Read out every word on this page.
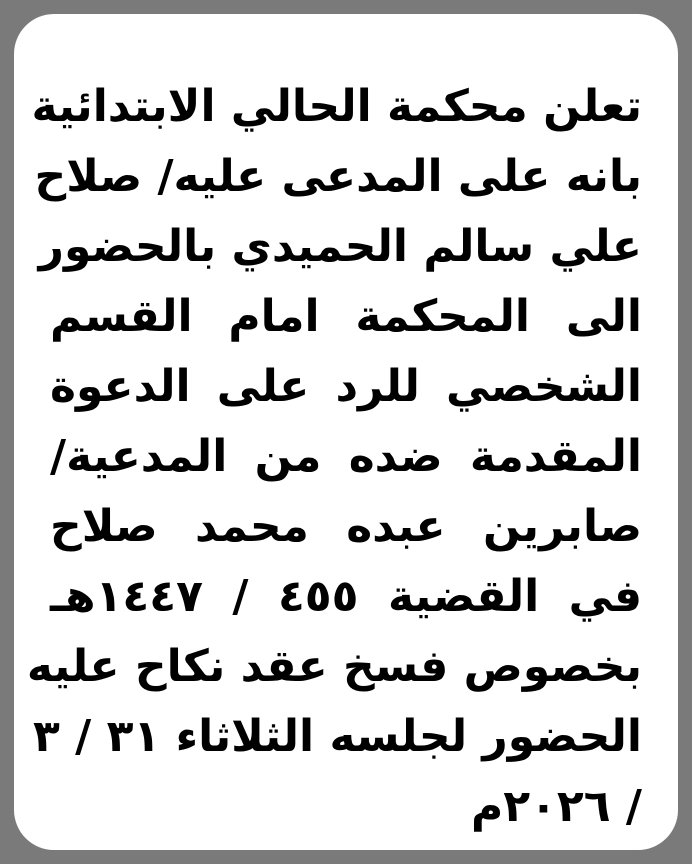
تعلن محكمة الحالي الابتدائية
بانه على المدعى عليه/ صلاح
علي سالم الحميدي بالحضور
الى المحكمة امام القسم
الشخصي للرد على الدعوة
المقدمة ضده من المدعية/
صابرين عبده محمد صلاح
في القضية ٤٥٥ / ١٤٤٧هـ
بخصوص فسخ عقد نكاح عليه
الحضور لجلسه الثلاثاء ٣١ / ٣
/ ٢٠٢٦م
